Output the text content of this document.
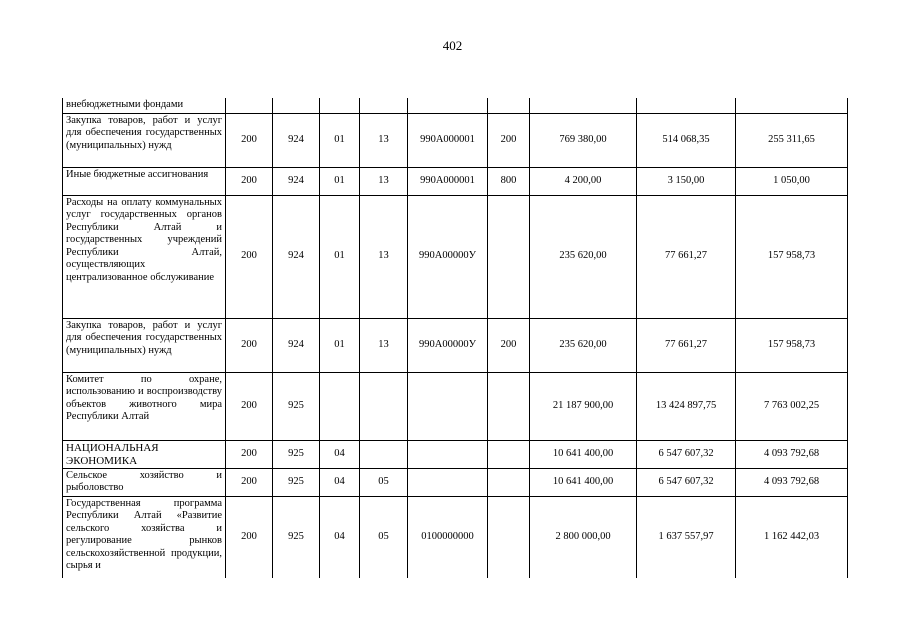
402
внебюджетными фондами									
Закупка товаров, работ и услуг для обеспечения государственных (муниципальных) нужд	200	924	01	13	990А000001	200	769 380,00	514 068,35	255 311,65
Иные бюджетные ассигнования	200	924	01	13	990А000001	800	4 200,00	3 150,00	1 050,00
Расходы на оплату коммунальных услуг государственных органов Республики Алтай и государственных учреждений Республики Алтай, осуществляющих централизованное обслуживание	200	924	01	13	990А00000У		235 620,00	77 661,27	157 958,73
Закупка товаров, работ и услуг для обеспечения государственных (муниципальных) нужд	200	924	01	13	990А00000У	200	235 620,00	77 661,27	157 958,73
Комитет по охране, использованию и воспроизводству объектов животного мира Республики Алтай	200	925					21 187 900,00	13 424 897,75	7 763 002,25
НАЦИОНАЛЬНАЯ ЭКОНОМИКА	200	925	04				10 641 400,00	6 547 607,32	4 093 792,68
Сельское хозяйство и рыболовство	200	925	04	05			10 641 400,00	6 547 607,32	4 093 792,68
Государственная программа Республики Алтай «Развитие сельского хозяйства и регулирование рынков сельскохозяйственной продукции, сырья и	200	925	04	05	0100000000		2 800 000,00	1 637 557,97	1 162 442,03
